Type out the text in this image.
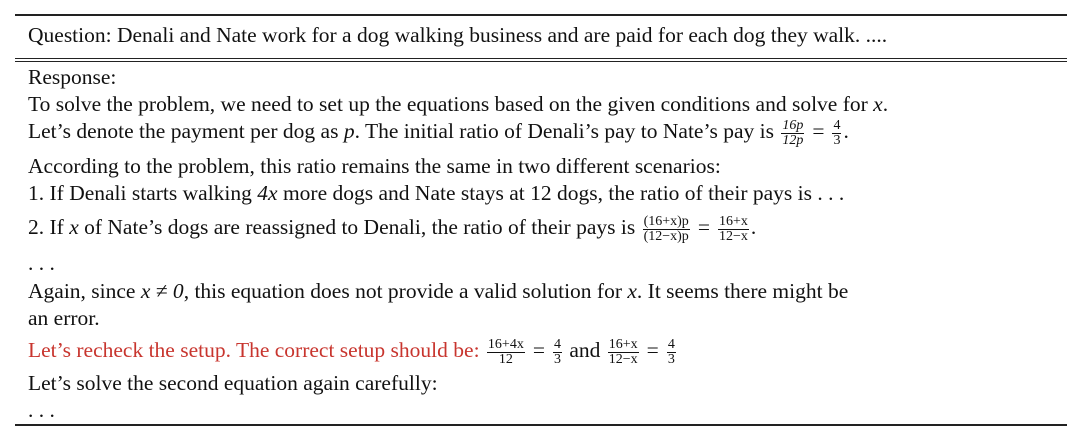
Question: Denali and Nate work for a dog walking business and are paid for each dog they walk. ....
Response:
To solve the problem, we need to set up the equations based on the given conditions and solve for x.
Let’s denote the payment per dog as p. The initial ratio of Denali’s pay to Nate’s pay is $\frac{16p}{12p} = \frac{4}{3}$ .
According to the problem, this ratio remains the same in two different scenarios:
1. If Denali starts walking 4x more dogs and Nate stays at 12 dogs, the ratio of their pays is . . .
2. If x of Nate’s dogs are reassigned to Denali, the ratio of their pays is $\frac{(16+x)p}{(12-x)p} = \frac{16+x}{12-x}$ .
. . .
Again, since x ≠ 0, this equation does not provide a valid solution for x. It seems there might be
an error.
Let’s recheck the setup. The correct setup should be: $\frac{16+4x}{12} = \frac{4}{3}$ and $\frac{16+x}{12-x} = \frac{4}{3}$
Let’s solve the second equation again carefully:
. . .
